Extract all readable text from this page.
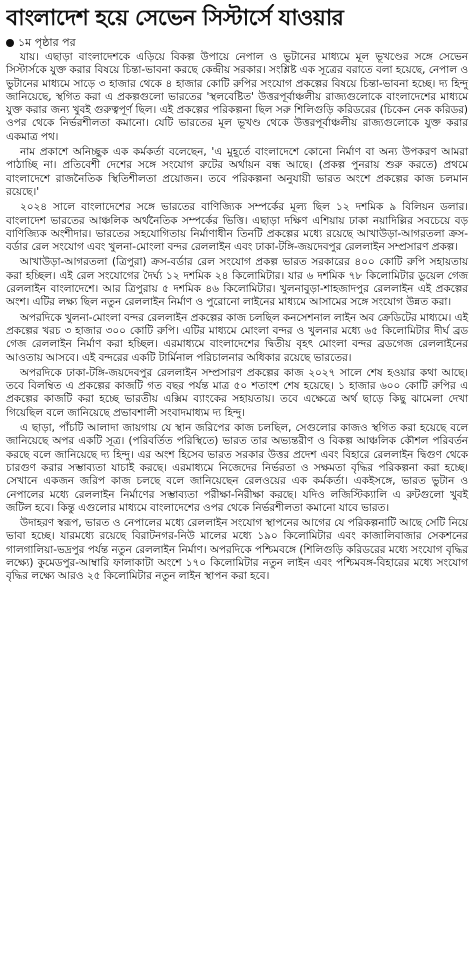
বাংলাদেশ হয়ে সেভেন সিস্টার্সে যাওয়ার
১ম পৃষ্ঠার পর

যায়। এছাড়া বাংলাদেশকে এড়িয়ে বিকল্প উপায়ে নেপাল ও ভুটানের মাধ্যমে মূল ভূখণ্ডের সঙ্গে সেভেন সিস্টার্সকে যুক্ত করার বিষয়ে চিন্তা-ভাবনা করছে কেন্দ্রীয় সরকার। সংশ্লিষ্ট এক সূত্রের বরাতে বলা হয়েছে, নেপাল ও ভুটানের মাধ্যমে সাড়ে ৩ হাজার থেকে ৪ হাজার কোটি রুপির সংযোগ প্রকল্পের বিষয়ে চিন্তা-ভাবনা হচ্ছে। দ্য হিন্দু জানিয়েছে, স্থগিত করা এ প্রকল্পগুলো ভারতের 'স্থলবেষ্টিত' উত্তরপূর্বাঞ্চলীয় রাজ্যগুলোকে বাংলাদেশের মাধ্যমে যুক্ত করার জন্য খুবই গুরুত্বপূর্ণ ছিল। এই প্রকল্পের পরিকল্পনা ছিল সরু শিলিগুড়ি করিডরের (চিকেন নেক করিডর) ওপর থেকে নির্ভরশীলতা কমানো। যেটি ভারতের মূল ভূখণ্ড থেকে উত্তরপূর্বাঞ্চলীয় রাজ্যগুলোকে যুক্ত করার একমাত্র পথ।

নাম প্রকাশে অনিচ্ছুক এক কর্মকর্তা বলেছেন, 'এ মুহূর্তে বাংলাদেশে কোনো নির্মাণ বা অন্য উপকরণ আমরা পাঠাচ্ছি না। প্রতিবেশী দেশের সঙ্গে সংযোগ রুটের অর্থায়ন বন্ধ আছে। (প্রকল্প পুনরায় শুরু করতে) প্রথমে বাংলাদেশে রাজনৈতিক স্থিতিশীলতা প্রয়োজন। তবে পরিকল্পনা অনুযায়ী ভারত অংশে প্রকল্পের কাজ চলমান রয়েছে।'

২০২৪ সালে বাংলাদেশের সঙ্গে ভারতের বাণিজ্যিক সম্পর্কের মূল্য ছিল ১২ দশমিক ৯ বিলিয়ন ডলার। বাংলাদেশ ভারতের আঞ্চলিক অর্থনৈতিক সম্পর্কের ভিত্তি। এছাড়া দক্ষিণ এশিয়ায় ঢাকা নয়াদিল্লির সবচেয়ে বড় বাণিজ্যিক অংশীদার। ভারতের সহযোগিতায় নির্মাণাধীন তিনটি প্রকল্পের মধ্যে রয়েছে আখাউড়া-আগরতলা ক্রস-বর্ডার রেল সংযোগ এবং খুলনা-মোংলা বন্দর রেললাইন এবং ঢাকা-টঙ্গি-জয়দেবপুর রেললাইন সম্প্রসারণ প্রকল্প।

আখাউড়া-আগরতলা (ত্রিপুরা) ক্রস-বর্ডার রেল সংযোগ প্রকল্প ভারত সরকারের ৪০০ কোটি রুপি সহায়তায় করা হচ্ছিল। এই রেল সংযোগের দৈর্ঘ্য ১২ দশমিক ২৪ কিলোমিটার। যার ৬ দশমিক ৭৮ কিলোমিটার ডুয়েল গেজ রেললাইন বাংলাদেশে। আর ত্রিপুরায় ৫ দশমিক ৪৬ কিলোমিটার। খুলনাবুড়া-শাহজাদপুর রেললাইন এই প্রকল্পের অংশ। এটির লক্ষ্য ছিল নতুন রেললাইন নির্মাণ ও পুরোনো লাইনের মাধ্যমে আসামের সঙ্গে সংযোগ উন্নত করা।

অপরদিকে খুলনা-মোংলা বন্দর রেললাইন প্রকল্পের কাজ চলছিল কনসেশনাল লাইন অব ক্রেডিটের মাধ্যমে। এই প্রকল্পের খরচ ৩ হাজার ৩০০ কোটি রুপি। এটির মাধ্যমে মোংলা বন্দর ও খুলনার মধ্যে ৬৫ কিলোমিটার দীর্ঘ ব্রড গেজ রেললাইন নির্মাণ করা হচ্ছিল। এরমাধ্যমে বাংলাদেশের দ্বিতীয় বৃহৎ মোংলা বন্দর ব্রডগেজ রেললাইনের আওতায় আসবে। এই বন্দরের একটি টার্মিনাল পরিচালনার অধিকার রয়েছে ভারতের।

অপরদিকে ঢাকা-টঙ্গি-জয়দেবপুর রেললাইন সম্প্রসারণ প্রকল্পের কাজ ২০২৭ সালে শেষ হওয়ার কথা আছে। তবে বিলম্বিত এ প্রকল্পের কাজটি গত বছর পর্যন্ত মাত্র ৫০ শতাংশ শেষ হয়েছে। ১ হাজার ৬০০ কোটি রুপির এ প্রকল্পের কাজটি করা হচ্ছে ভারতীয় এক্সিম ব্যাংকের সহায়তায়। তবে এক্ষেত্রে অর্থ ছাড়ে কিছু ঝামেলা দেখা গিয়েছিল বলে জানিয়েছে প্রভাবশালী সংবাদমাধ্যম দ্য হিন্দু।

এ ছাড়া, পাঁচটি আলাদা জায়গায় যে স্থান জরিপের কাজ চলছিল, সেগুলোর কাজও স্থগিত করা হয়েছে বলে জানিয়েছে অপর একটি সূত্র। (পরিবর্তিত পরিস্থিতে) ভারত তার অভ্যন্তরীণ ও বিকল্প আঞ্চলিক কৌশল পরিবর্তন করছে বলে জানিয়েছে দ্য হিন্দু। এর অংশ হিসেব ভারত সরকার উত্তর প্রদেশ এবং বিহারে রেললাইন দ্বিগুণ থেকে চারগুণ করার সম্ভাব্যতা যাচাই করছে। এরমাধ্যমে নিজেদের নির্ভরতা ও সক্ষমতা বৃদ্ধির পরিকল্পনা করা হচ্ছে। সেখানে একজন জরিপ কাজ চলছে বলে জানিয়েছেন রেলওয়ের এক কর্মকর্তা। একইসঙ্গে, ভারত ভুটান ও নেপালের মধ্যে রেললাইন নির্মাণের সম্ভাব্যতা পরীক্ষা-নিরীক্ষা করছে। যদিও লজিস্টিক্যালি এ রুটগুলো খুবই জটিল হবে। কিন্তু এগুলোর মাধ্যমে বাংলাদেশের ওপর থেকে নির্ভরশীলতা কমানো যাবে ভারত।

উদাহরণ স্বরূপ, ভারত ও নেপালের মধ্যে রেললাইন সংযোগ স্থাপনের আগের যে পরিকল্পনাটি আছে সেটি নিয়ে ভাবা হচ্ছে। যারমধ্যে রয়েছে বিরাটনগর-নিউ মালের মধ্যে ১৯০ কিলোমিটার এবং কাজালিবাজার সেকশনের গালগালিয়া-ভদ্রপুর পর্যন্ত নতুন রেললাইন নির্মাণ। অপরদিকে পশ্চিমবঙ্গে (শিলিগুড়ি করিডরের মধ্যে সংযোগ বৃদ্ধির লক্ষ্যে) কুমেডপুর-আম্বারি ফালাকাটা অংশে ১৭০ কিলোমিটার নতুন লাইন এবং পশ্চিমবঙ্গ-বিহারের মধ্যে সংযোগ বৃদ্ধির লক্ষ্যে আরও ২৫ কিলোমিটার নতুন লাইন স্থাপন করা হবে।
